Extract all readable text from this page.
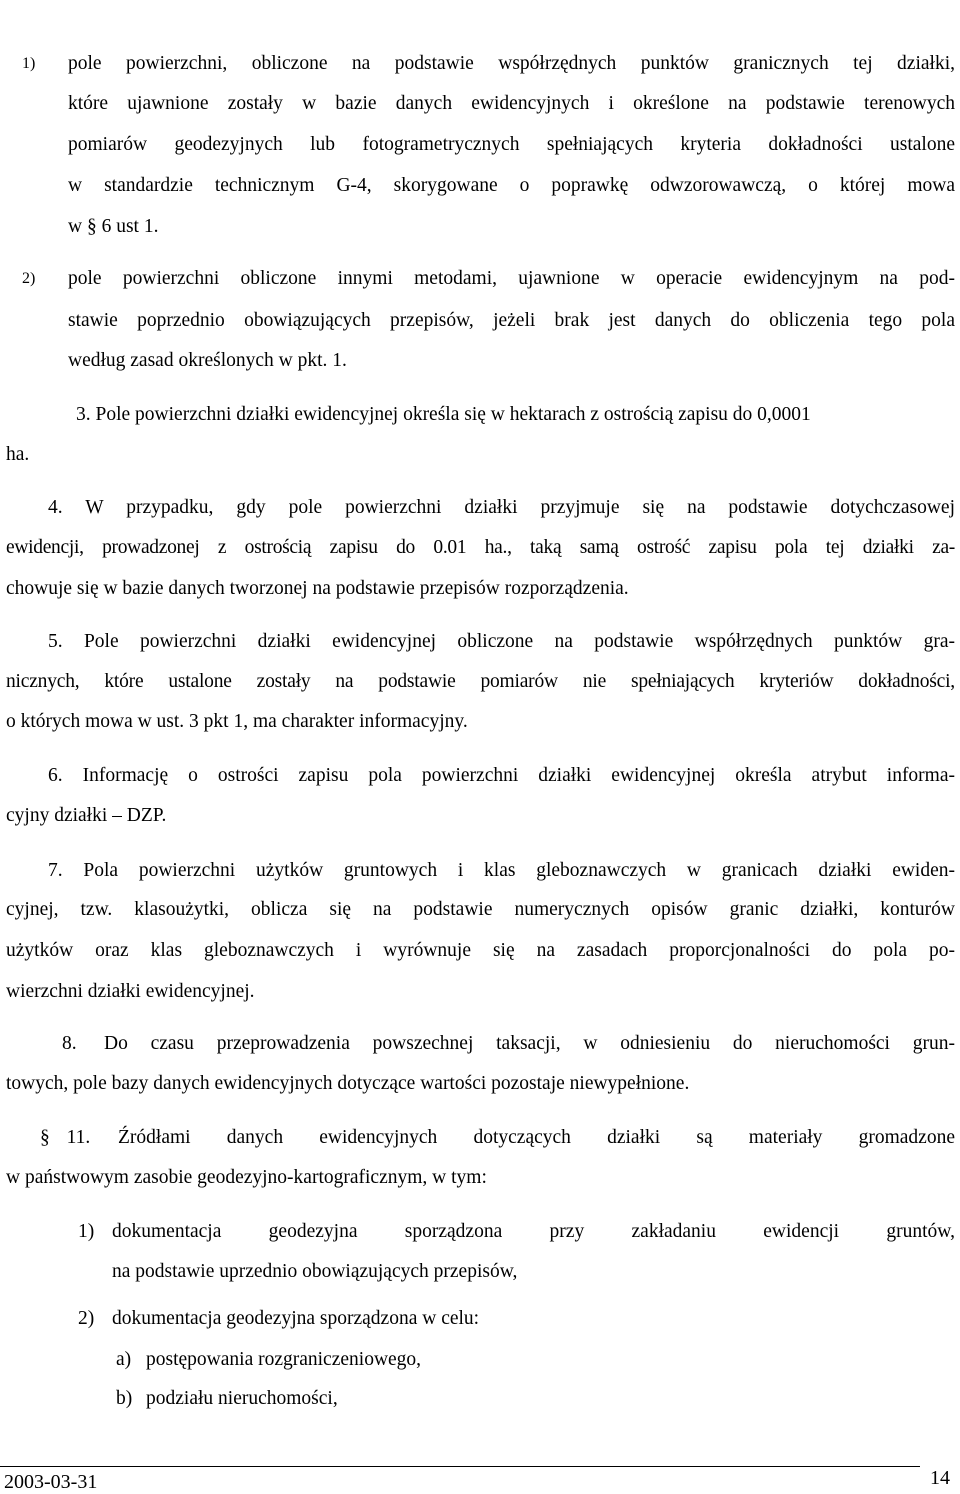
1) pole powierzchni, obliczone na podstawie współrzędnych punktów granicznych tej działki,
które ujawnione zostały w bazie danych ewidencyjnych i określone na podstawie terenowych
pomiarów geodezyjnych lub fotogrametrycznych spełniających kryteria dokładności ustalone
w standardzie technicznym G-4, skorygowane o poprawkę odwzorowawczą, o której mowa
w § 6 ust 1.
2) pole powierzchni obliczone innymi metodami, ujawnione w operacie ewidencyjnym na pod-
stawie poprzednio obowiązujących przepisów, jeżeli brak jest danych do obliczenia tego pola
według zasad określonych w pkt. 1.
3. Pole powierzchni działki ewidencyjnej określa się w hektarach z ostrością zapisu do 0,0001
ha.
4. W przypadku, gdy pole powierzchni działki przyjmuje się na podstawie dotychczasowej
ewidencji, prowadzonej z ostrością zapisu do 0.01 ha., taką samą ostrość zapisu pola tej działki za-
chowuje się w bazie danych tworzonej na podstawie przepisów rozporządzenia.
5. Pole powierzchni działki ewidencyjnej obliczone na podstawie współrzędnych punktów gra-
nicznych, które ustalone zostały na podstawie pomiarów nie spełniających kryteriów dokładności,
o których mowa w ust. 3 pkt 1, ma charakter informacyjny.
6. Informację o ostrości zapisu pola powierzchni działki ewidencyjnej określa atrybut informa-
cyjny działki – DZP.
7. Pola powierzchni użytków gruntowych i klas gleboznawczych w granicach działki ewiden-
cyjnej, tzw. klasoużytki, oblicza się na podstawie numerycznych opisów granic działki, konturów
użytków oraz klas gleboznawczych i wyrównuje się na zasadach proporcjonalności do pola po-
wierzchni działki ewidencyjnej.
8. Do czasu przeprowadzenia powszechnej taksacji, w odniesieniu do nieruchomości grun-
towych, pole bazy danych ewidencyjnych dotyczące wartości pozostaje niewypełnione.
§ 11. Źródłami danych ewidencyjnych dotyczących działki są materiały gromadzone
w państwowym zasobie geodezyjno-kartograficznym, w tym:
1) dokumentacja geodezyjna sporządzona przy zakładaniu ewidencji gruntów,
na podstawie uprzednio obowiązujących przepisów,
2) dokumentacja geodezyjna sporządzona w celu:
a) postępowania rozgraniczeniowego,
b) podziału nieruchomości,
2003-03-31	14
